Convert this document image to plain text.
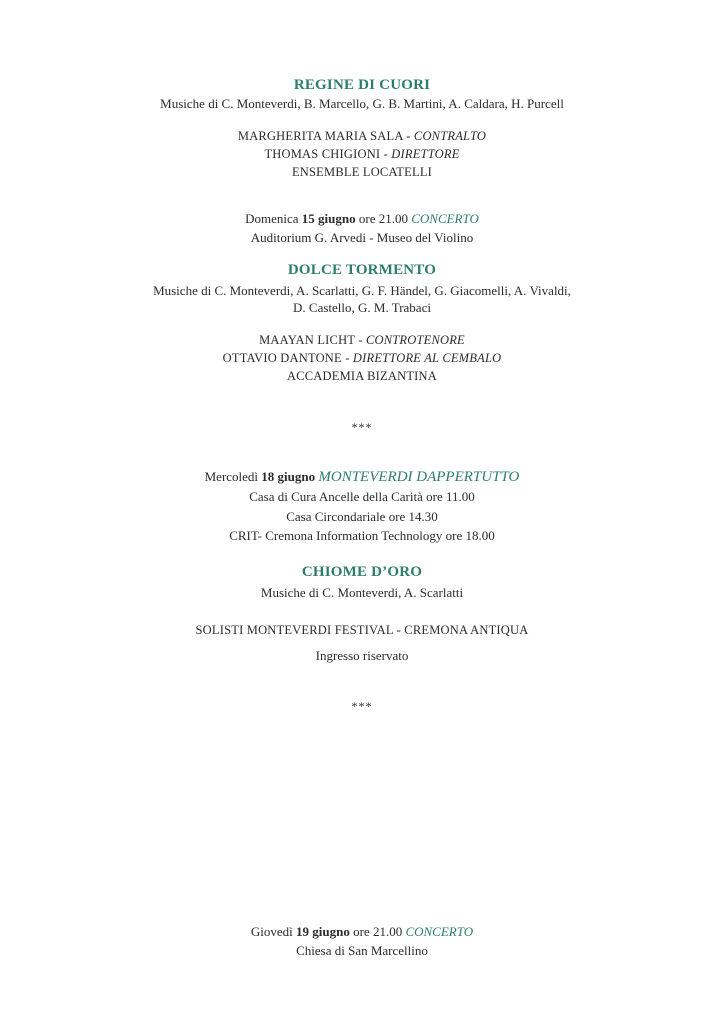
REGINE DI CUORI
Musiche di C. Monteverdi, B. Marcello, G. B. Martini, A. Caldara, H. Purcell
MARGHERITA MARIA SALA - CONTRALTO
THOMAS CHIGIONI - DIRETTORE
ENSEMBLE LOCATELLI
Domenica 15 giugno ore 21.00 CONCERTO
Auditorium G. Arvedi - Museo del Violino
DOLCE TORMENTO
Musiche di C. Monteverdi, A. Scarlatti, G. F. Händel, G. Giacomelli, A. Vivaldi,
D. Castello, G. M. Trabaci
MAAYAN LICHT - CONTROTENORE
OTTAVIO DANTONE - DIRETTORE AL CEMBALO
ACCADEMIA BIZANTINA
***
Mercoledì 18 giugno MONTEVERDI DAPPERTUTTO
Casa di Cura Ancelle della Carità ore 11.00
Casa Circondariale ore 14.30
CRIT- Cremona Information Technology ore 18.00
CHIOME D’ORO
Musiche di C. Monteverdi, A. Scarlatti
SOLISTI MONTEVERDI FESTIVAL - CREMONA ANTIQUA
Ingresso riservato
***
Giovedì 19 giugno ore 21.00 CONCERTO
Chiesa di San Marcellino
